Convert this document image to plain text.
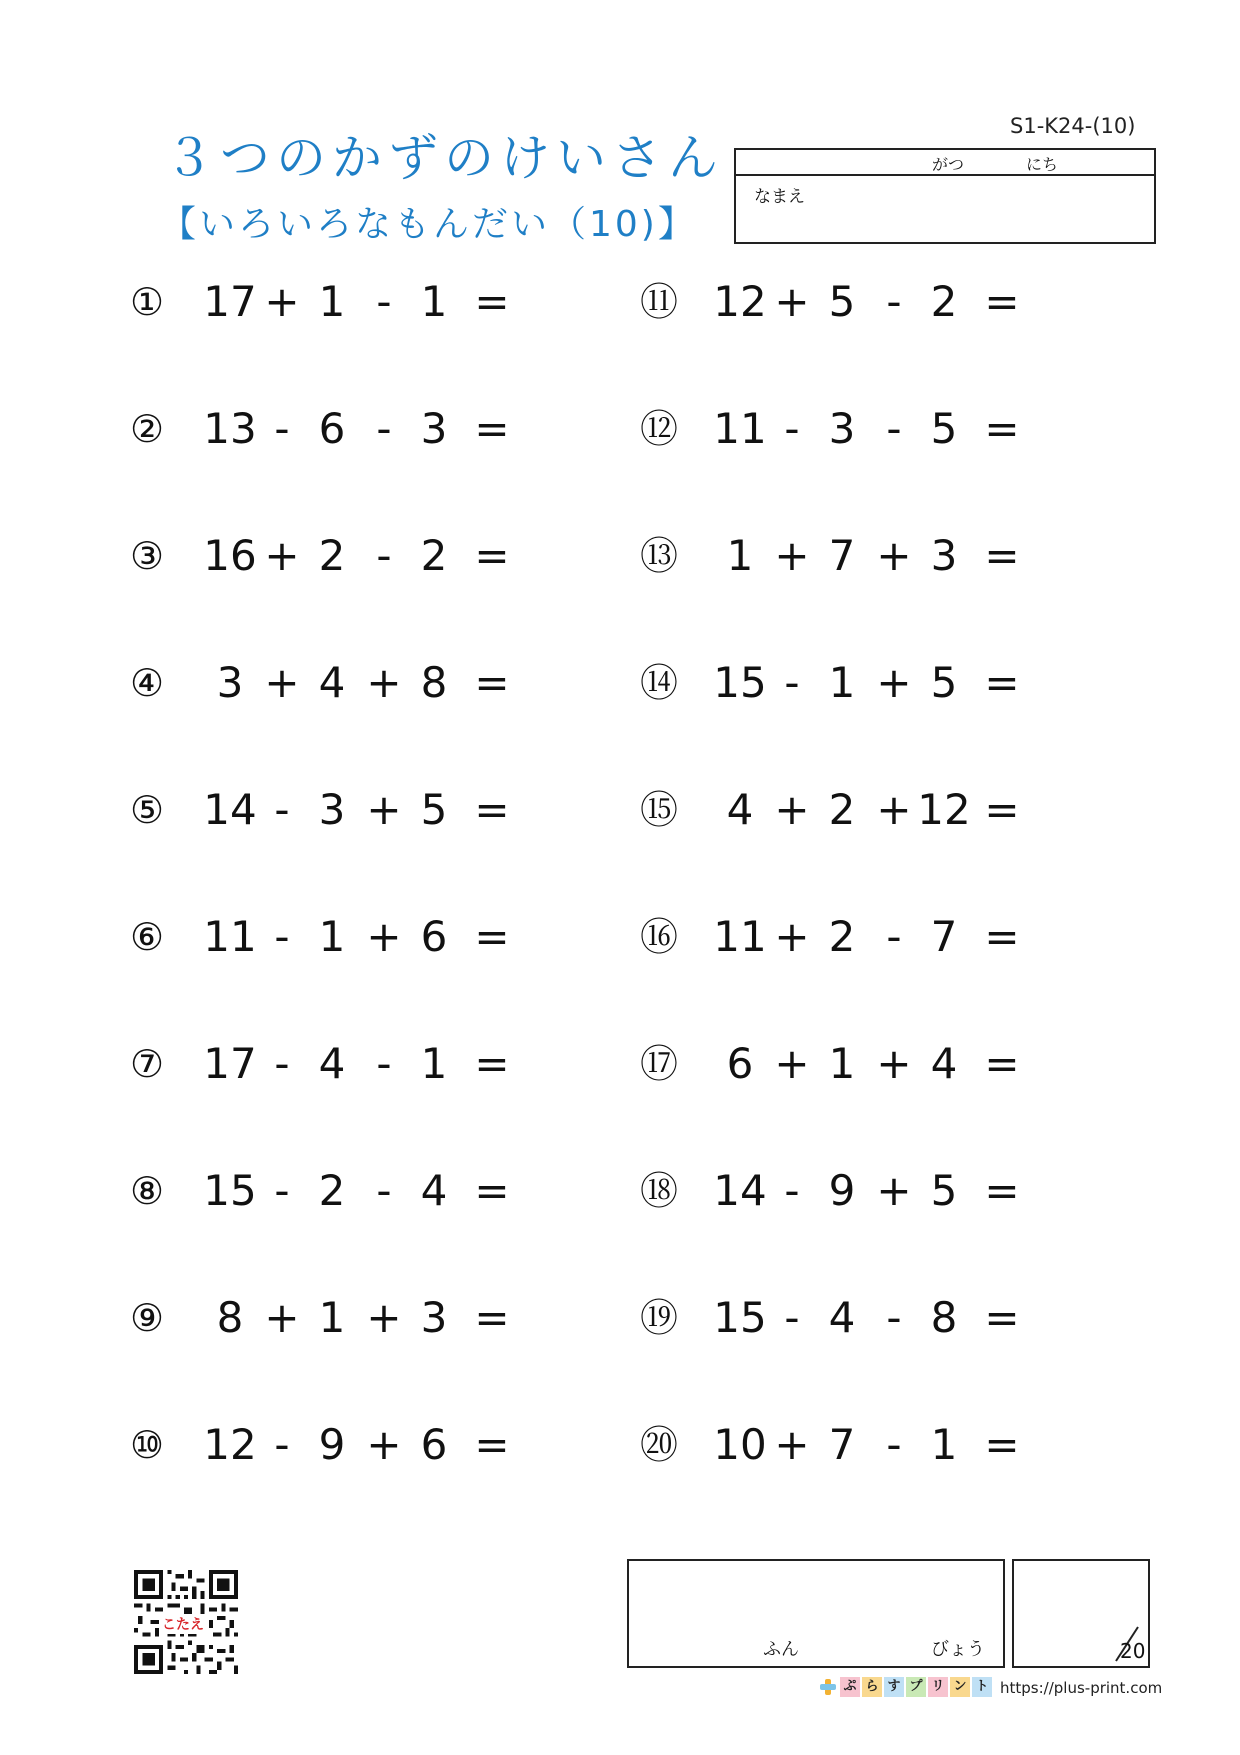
S1-K24-(10)
３つのかずのけいさん
【いろいろなもんだい（10)】
がつ	にち
なまえ
① 17 + 1 - 1 =
② 13 - 6 - 3 =
③ 16 + 2 - 2 =
④	3 + 4 + 8 =
⑤ 14 - 3 + 5 =
⑥ 11 - 1 + 6 =
⑦ 17 - 4 - 1 =
⑧ 15 - 2 - 4 =
⑨	8 + 1 + 3 =
⑩ 12 - 9 + 6 =
⑪ 12 + 5 - 2 =
⑫ 11 - 3 - 5 =
⑬	1 + 7 + 3 =
⑭ 15 - 1 + 5 =
⑮	4 + 2 + 12 =
⑯ 11 + 2 - 7 =
⑰	6 + 1 + 4 =
⑱ 14 - 9 + 5 =
⑲ 15 - 4 - 8 =
⑳ 10 + 7 - 1 =
ふん	びょう	20
こたえ
ぷ ら す プ リ ン ト https://plus-print.com
